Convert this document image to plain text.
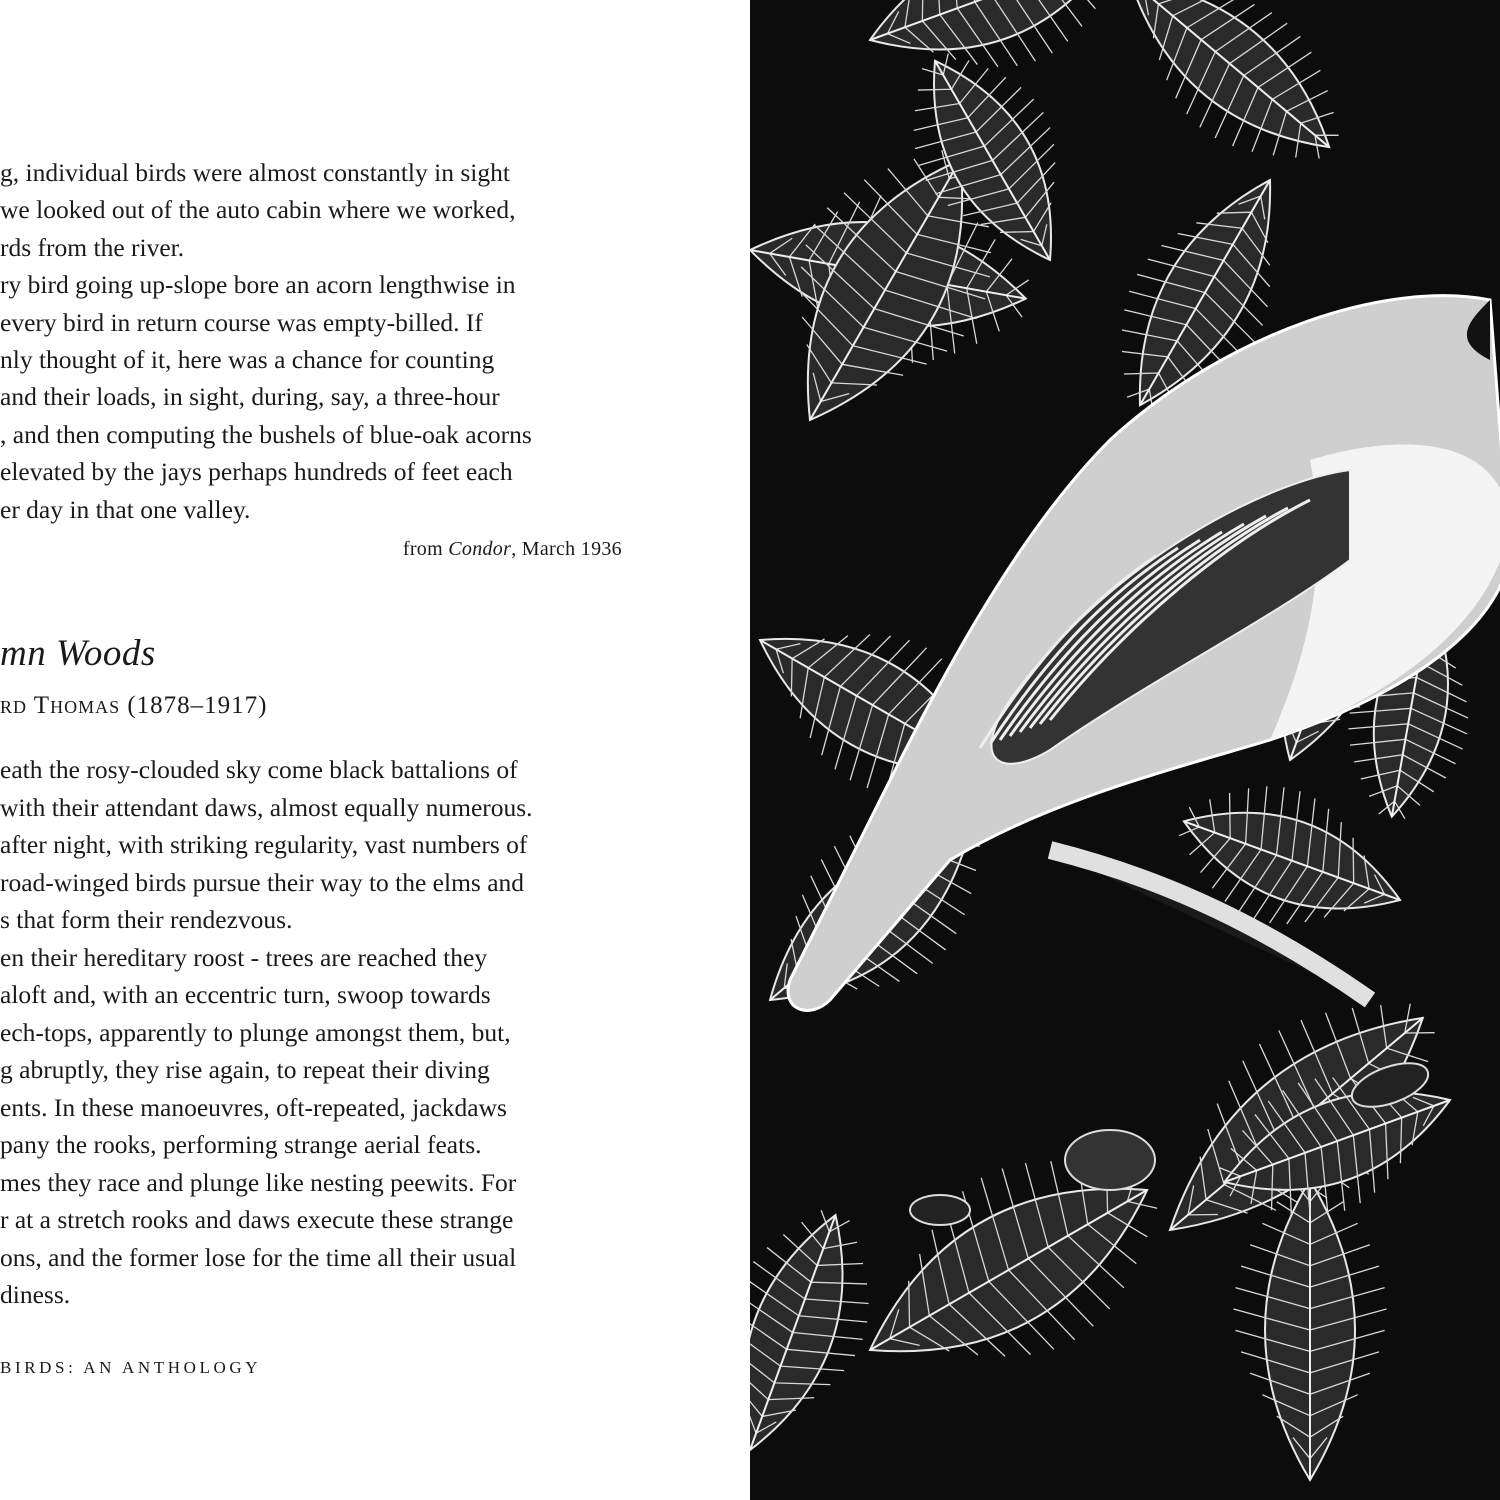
g, individual birds were almost constantly in sight
we looked out of the auto cabin where we worked,
rds from the river.
ry bird going up-slope bore an acorn lengthwise in
every bird in return course was empty-billed. If
nly thought of it, here was a chance for counting
and their loads, in sight, during, say, a three-hour
, and then computing the bushels of blue-oak acorns
elevated by the jays perhaps hundreds of feet each
er day in that one valley.
from Condor, March 1936
mn Woods
rd Thomas (1878–1917)
eath the rosy-clouded sky come black battalions of
with their attendant daws, almost equally numerous.
after night, with striking regularity, vast numbers of
road-winged birds pursue their way to the elms and
s that form their rendezvous.
en their hereditary roost - trees are reached they
aloft and, with an eccentric turn, swoop towards
ech-tops, apparently to plunge amongst them, but,
g abruptly, they rise again, to repeat their diving
ents. In these manoeuvres, oft-repeated, jackdaws
pany the rooks, performing strange aerial feats.
mes they race and plunge like nesting peewits. For
r at a stretch rooks and daws execute these strange
ons, and the former lose for the time all their usual
diness.
BIRDS: AN ANTHOLOGY
